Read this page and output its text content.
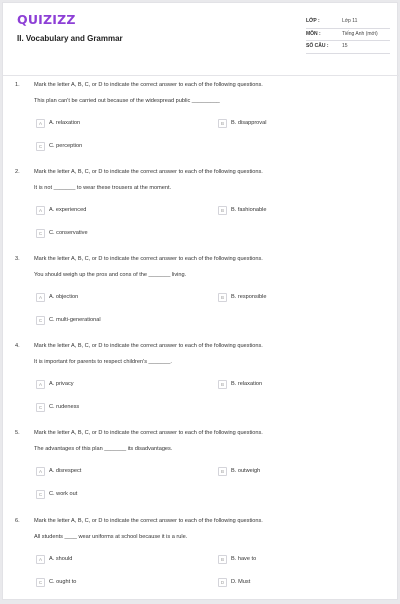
QUIZIZZ
II. Vocabulary and Grammar
LỚP :	Lớp 11
MÔN :	Tiếng Anh (mới)
SỐ CÂU :	15
1.	Mark the letter A, B, C, or D to indicate the correct answer to each of the following questions.
This plan can't be carried out because of the widespread public _________
A	A. relaxation	B	B. disapproval
C	C. perception
2.	Mark the letter A, B, C, or D to indicate the correct answer to each of the following questions.
It is not _______ to wear these trousers at the moment.
A	A. experienced	B	B. fashionable
C	C. conservative
3.	Mark the letter A, B, C, or D to indicate the correct answer to each of the following questions.
You should weigh up the pros and cons of the _______ living.
A	A. objection	B	B. responsible
C	C. multi-generational
4.	Mark the letter A, B, C, or D to indicate the correct answer to each of the following questions.
It is important for parents to respect children's _______.
A	A. privacy	B	B. relaxation
C	C. rudeness
5.	Mark the letter A, B, C, or D to indicate the correct answer to each of the following questions.
The advantages of this plan _______ its disadvantages.
A	A. disrespect	B	B. outweigh
C	C. work out
6.	Mark the letter A, B, C, or D to indicate the correct answer to each of the following questions.
All students ____ wear uniforms at school because it is a rule.
A	A. should	B	B. have to
C	C. ought to	D	D. Must
